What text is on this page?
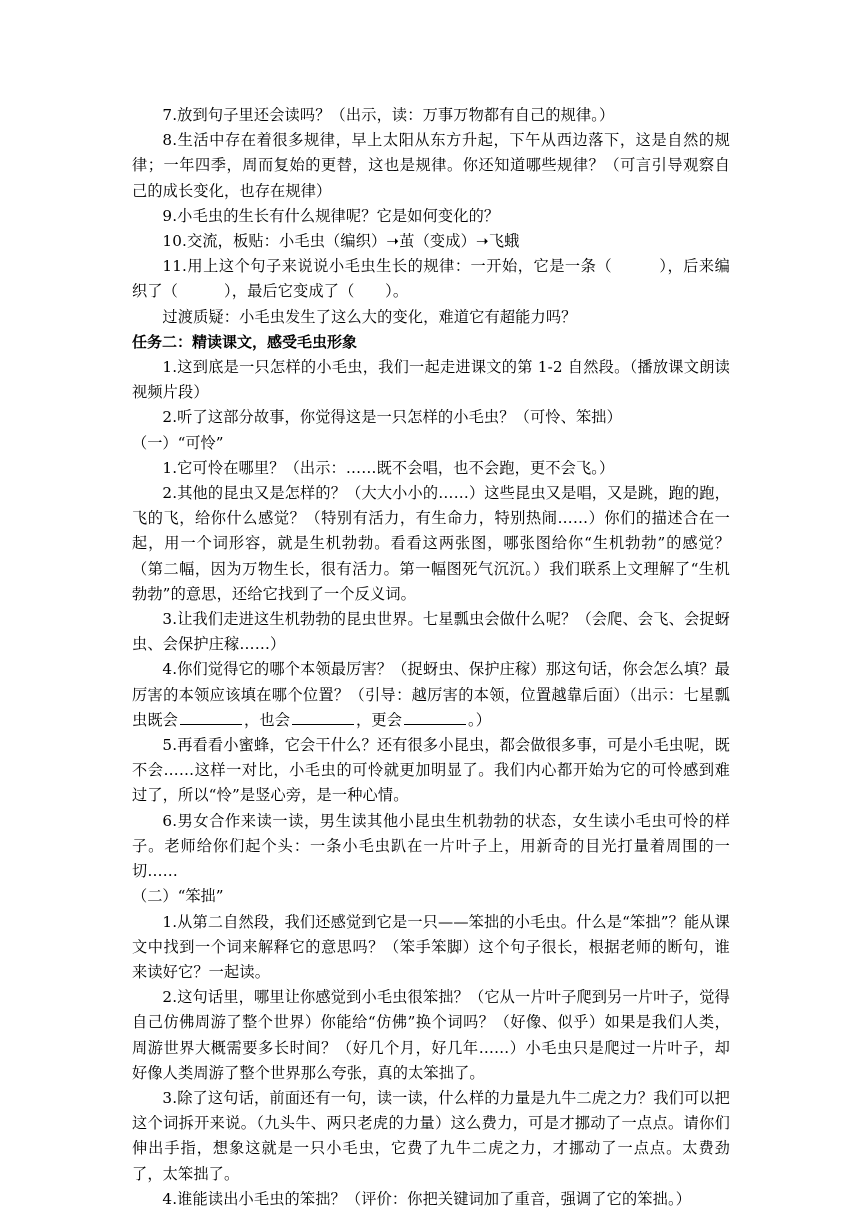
7.放到句子里还会读吗？（出示，读：万事万物都有自己的规律。）

8.生活中存在着很多规律，早上太阳从东方升起，下午从西边落下，这是自然的规律；一年四季，周而复始的更替，这也是规律。你还知道哪些规律？（可言引导观察自己的成长变化，也存在规律）

9.小毛虫的生长有什么规律呢？它是如何变化的？

10.交流，板贴：小毛虫（编织）➝茧（变成）➝飞蛾

11.用上这个句子来说说小毛虫生长的规律：一开始，它是一条（　　　），后来编织了（　　　），最后它变成了（　　）。

过渡质疑：小毛虫发生了这么大的变化，难道它有超能力吗？

任务二：精读课文，感受毛虫形象

1.这到底是一只怎样的小毛虫，我们一起走进课文的第 1-2 自然段。（播放课文朗读视频片段）

2.听了这部分故事，你觉得这是一只怎样的小毛虫？（可怜、笨拙）

（一）“可怜”

1.它可怜在哪里？（出示：……既不会唱，也不会跑，更不会飞。）

2.其他的昆虫又是怎样的？（大大小小的……）这些昆虫又是唱，又是跳，跑的跑，飞的飞，给你什么感觉？（特别有活力，有生命力，特别热闹……）你们的描述合在一起，用一个词形容，就是生机勃勃。看看这两张图，哪张图给你“生机勃勃”的感觉？（第二幅，因为万物生长，很有活力。第一幅图死气沉沉。）我们联系上文理解了“生机勃勃”的意思，还给它找到了一个反义词。

3.让我们走进这生机勃勃的昆虫世界。七星瓢虫会做什么呢？（会爬、会飞、会捉蚜虫、会保护庄稼……）

4.你们觉得它的哪个本领最厉害？（捉蚜虫、保护庄稼）那这句话，你会怎么填？最厉害的本领应该填在哪个位置？（引导：越厉害的本领，位置越靠后面）（出示：七星瓢虫既会	，也会	，更会	。）

5.再看看小蜜蜂，它会干什么？还有很多小昆虫，都会做很多事，可是小毛虫呢，既不会……这样一对比，小毛虫的可怜就更加明显了。我们内心都开始为它的可怜感到难过了，所以“怜”是竖心旁，是一种心情。

6.男女合作来读一读，男生读其他小昆虫生机勃勃的状态，女生读小毛虫可怜的样子。老师给你们起个头：一条小毛虫趴在一片叶子上，用新奇的目光打量着周围的一切……

（二）“笨拙”

1.从第二自然段，我们还感觉到它是一只——笨拙的小毛虫。什么是“笨拙”？能从课文中找到一个词来解释它的意思吗？（笨手笨脚）这个句子很长，根据老师的断句，谁来读好它？一起读。

2.这句话里，哪里让你感觉到小毛虫很笨拙？（它从一片叶子爬到另一片叶子，觉得自己仿佛周游了整个世界）你能给“仿佛”换个词吗？（好像、似乎）如果是我们人类，周游世界大概需要多长时间？（好几个月，好几年……）小毛虫只是爬过一片叶子，却好像人类周游了整个世界那么夸张，真的太笨拙了。

3.除了这句话，前面还有一句，读一读，什么样的力量是九牛二虎之力？我们可以把这个词拆开来说。（九头牛、两只老虎的力量）这么费力，可是才挪动了一点点。请你们伸出手指，想象这就是一只小毛虫，它费了九牛二虎之力，才挪动了一点点。太费劲了，太笨拙了。

4.谁能读出小毛虫的笨拙？（评价：你把关键词加了重音，强调了它的笨拙。）
